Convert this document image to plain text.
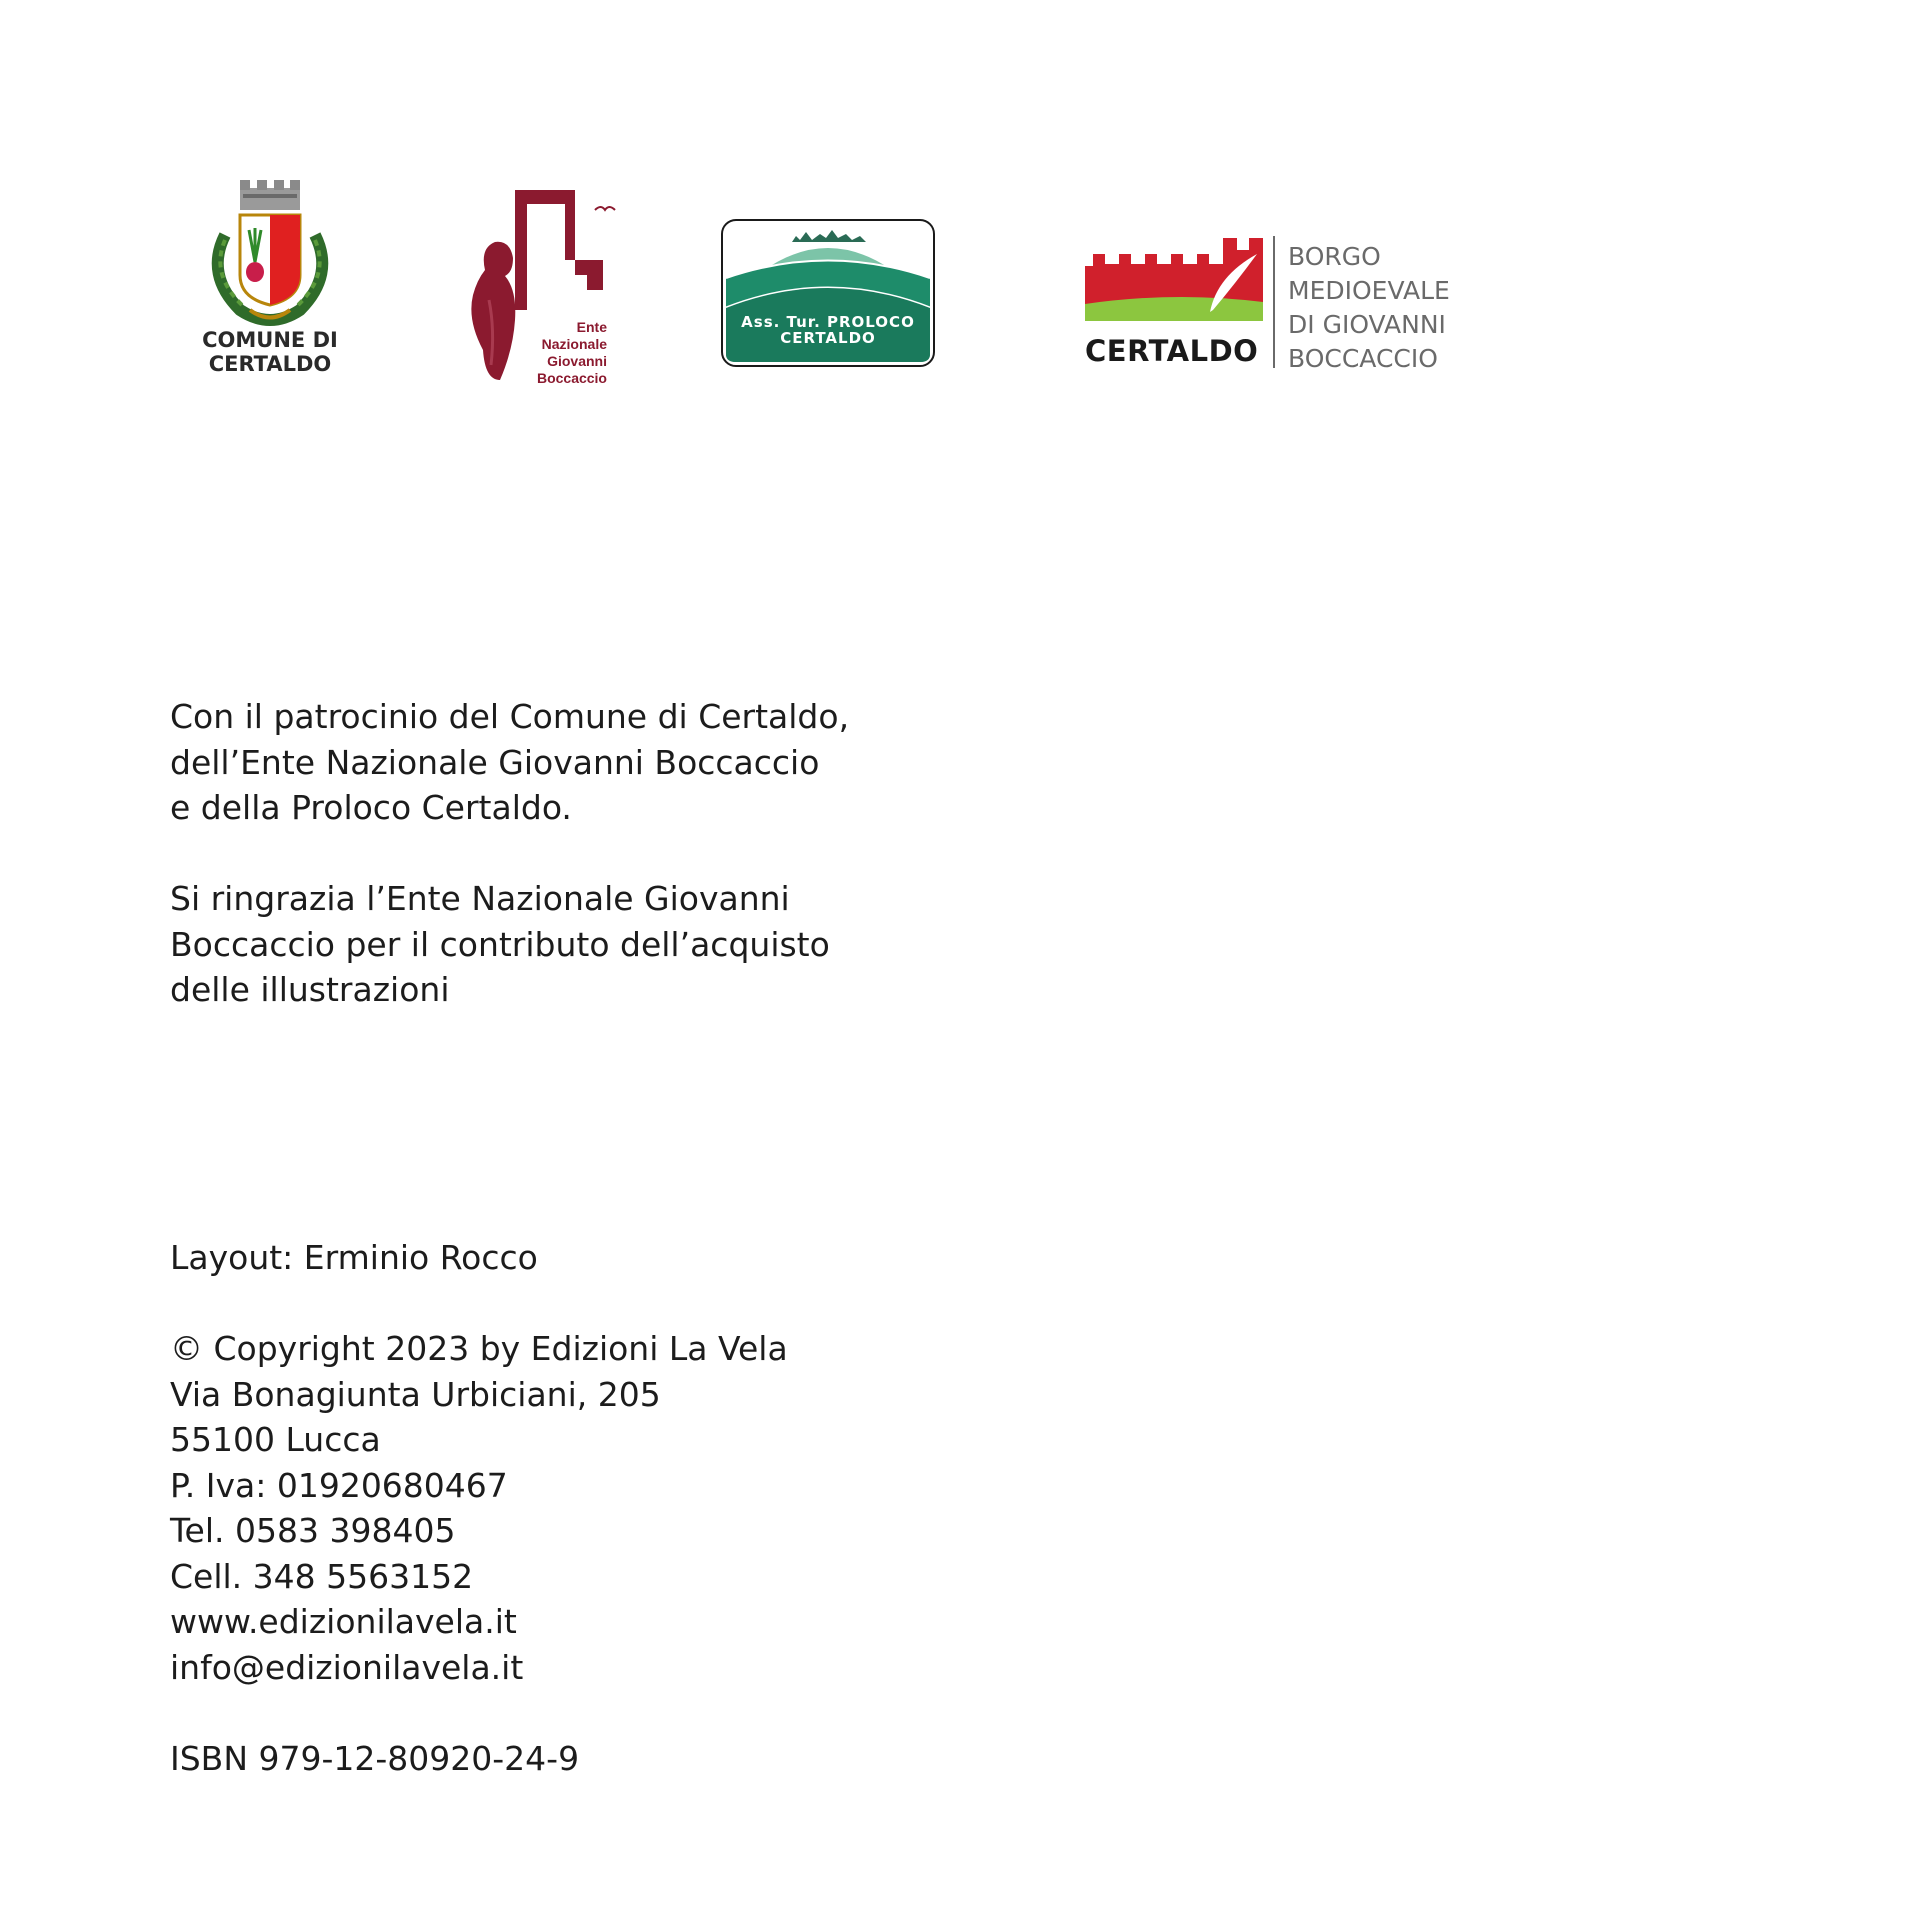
COMUNE DI
CERTALDO
Ente
Nazionale
Giovanni
Boccaccio
Ass. Tur. PROLOCO
CERTALDO	CERTALDO
BORGO
MEDIOEVALE
DI GIOVANNI
BOCCACCIO
Con il patrocinio del Comune di Certaldo,
dell’Ente Nazionale Giovanni Boccaccio
e della Proloco Certaldo.
Si ringrazia l’Ente Nazionale Giovanni
Boccaccio per il contributo dell’acquisto
delle illustrazioni
Layout: Erminio Rocco
© Copyright 2023 by Edizioni La Vela
Via Bonagiunta Urbiciani, 205
55100 Lucca
P. Iva: 01920680467
Tel. 0583 398405
Cell. 348 5563152
www.edizionilavela.it
info@edizionilavela.it
ISBN 979-12-80920-24-9
